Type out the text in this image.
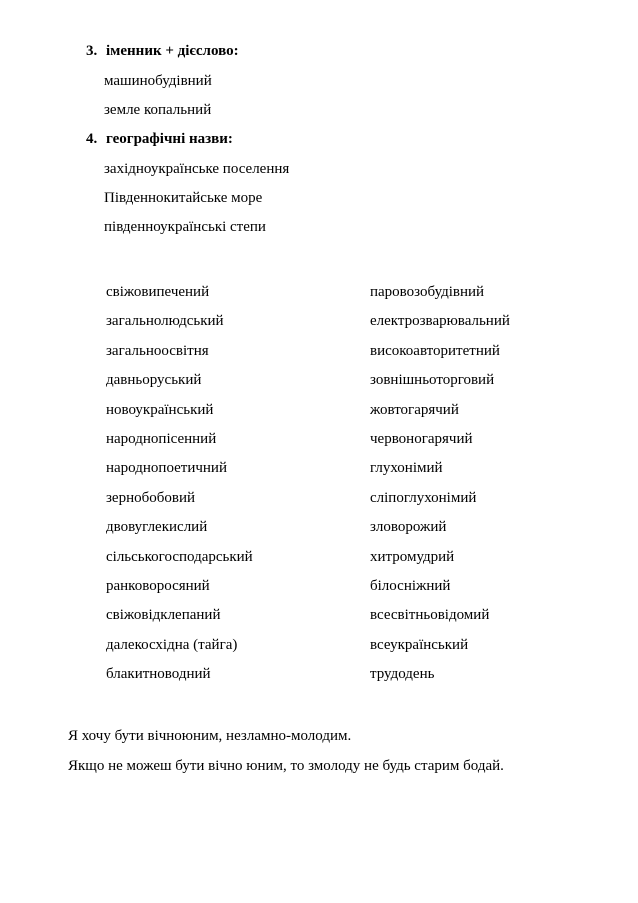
3. іменник + дієслово:
машинобудівний
земле копальний
4. географічні назви:
західноукраїнське поселення
Південнокитайське море
південноукраїнські степи
свіжовипечений
загальнолюдський
загальноосвітня
давньоруський
новоукраїнський
народнопісенний
народнопоетичний
зернобобовий
двовуглекислий
сільськогосподарський
ранковоросяний
свіжовідклепаний
далекосхідна (тайга)
блакитноводний
паровозобудівний
електрозварювальний
високоавторитетний
зовнішньоторговий
жовтогарячий
червоногарячий
глухонімий
сліпоглухонімий
зловорожий
хитромудрий
білосніжний
всесвітньовідомий
всеукраїнський
трудодень
Я хочу бути вічноюним, незламно-молодим.
Якщо не можеш бути вічно юним, то змолоду не будь старим бодай.
